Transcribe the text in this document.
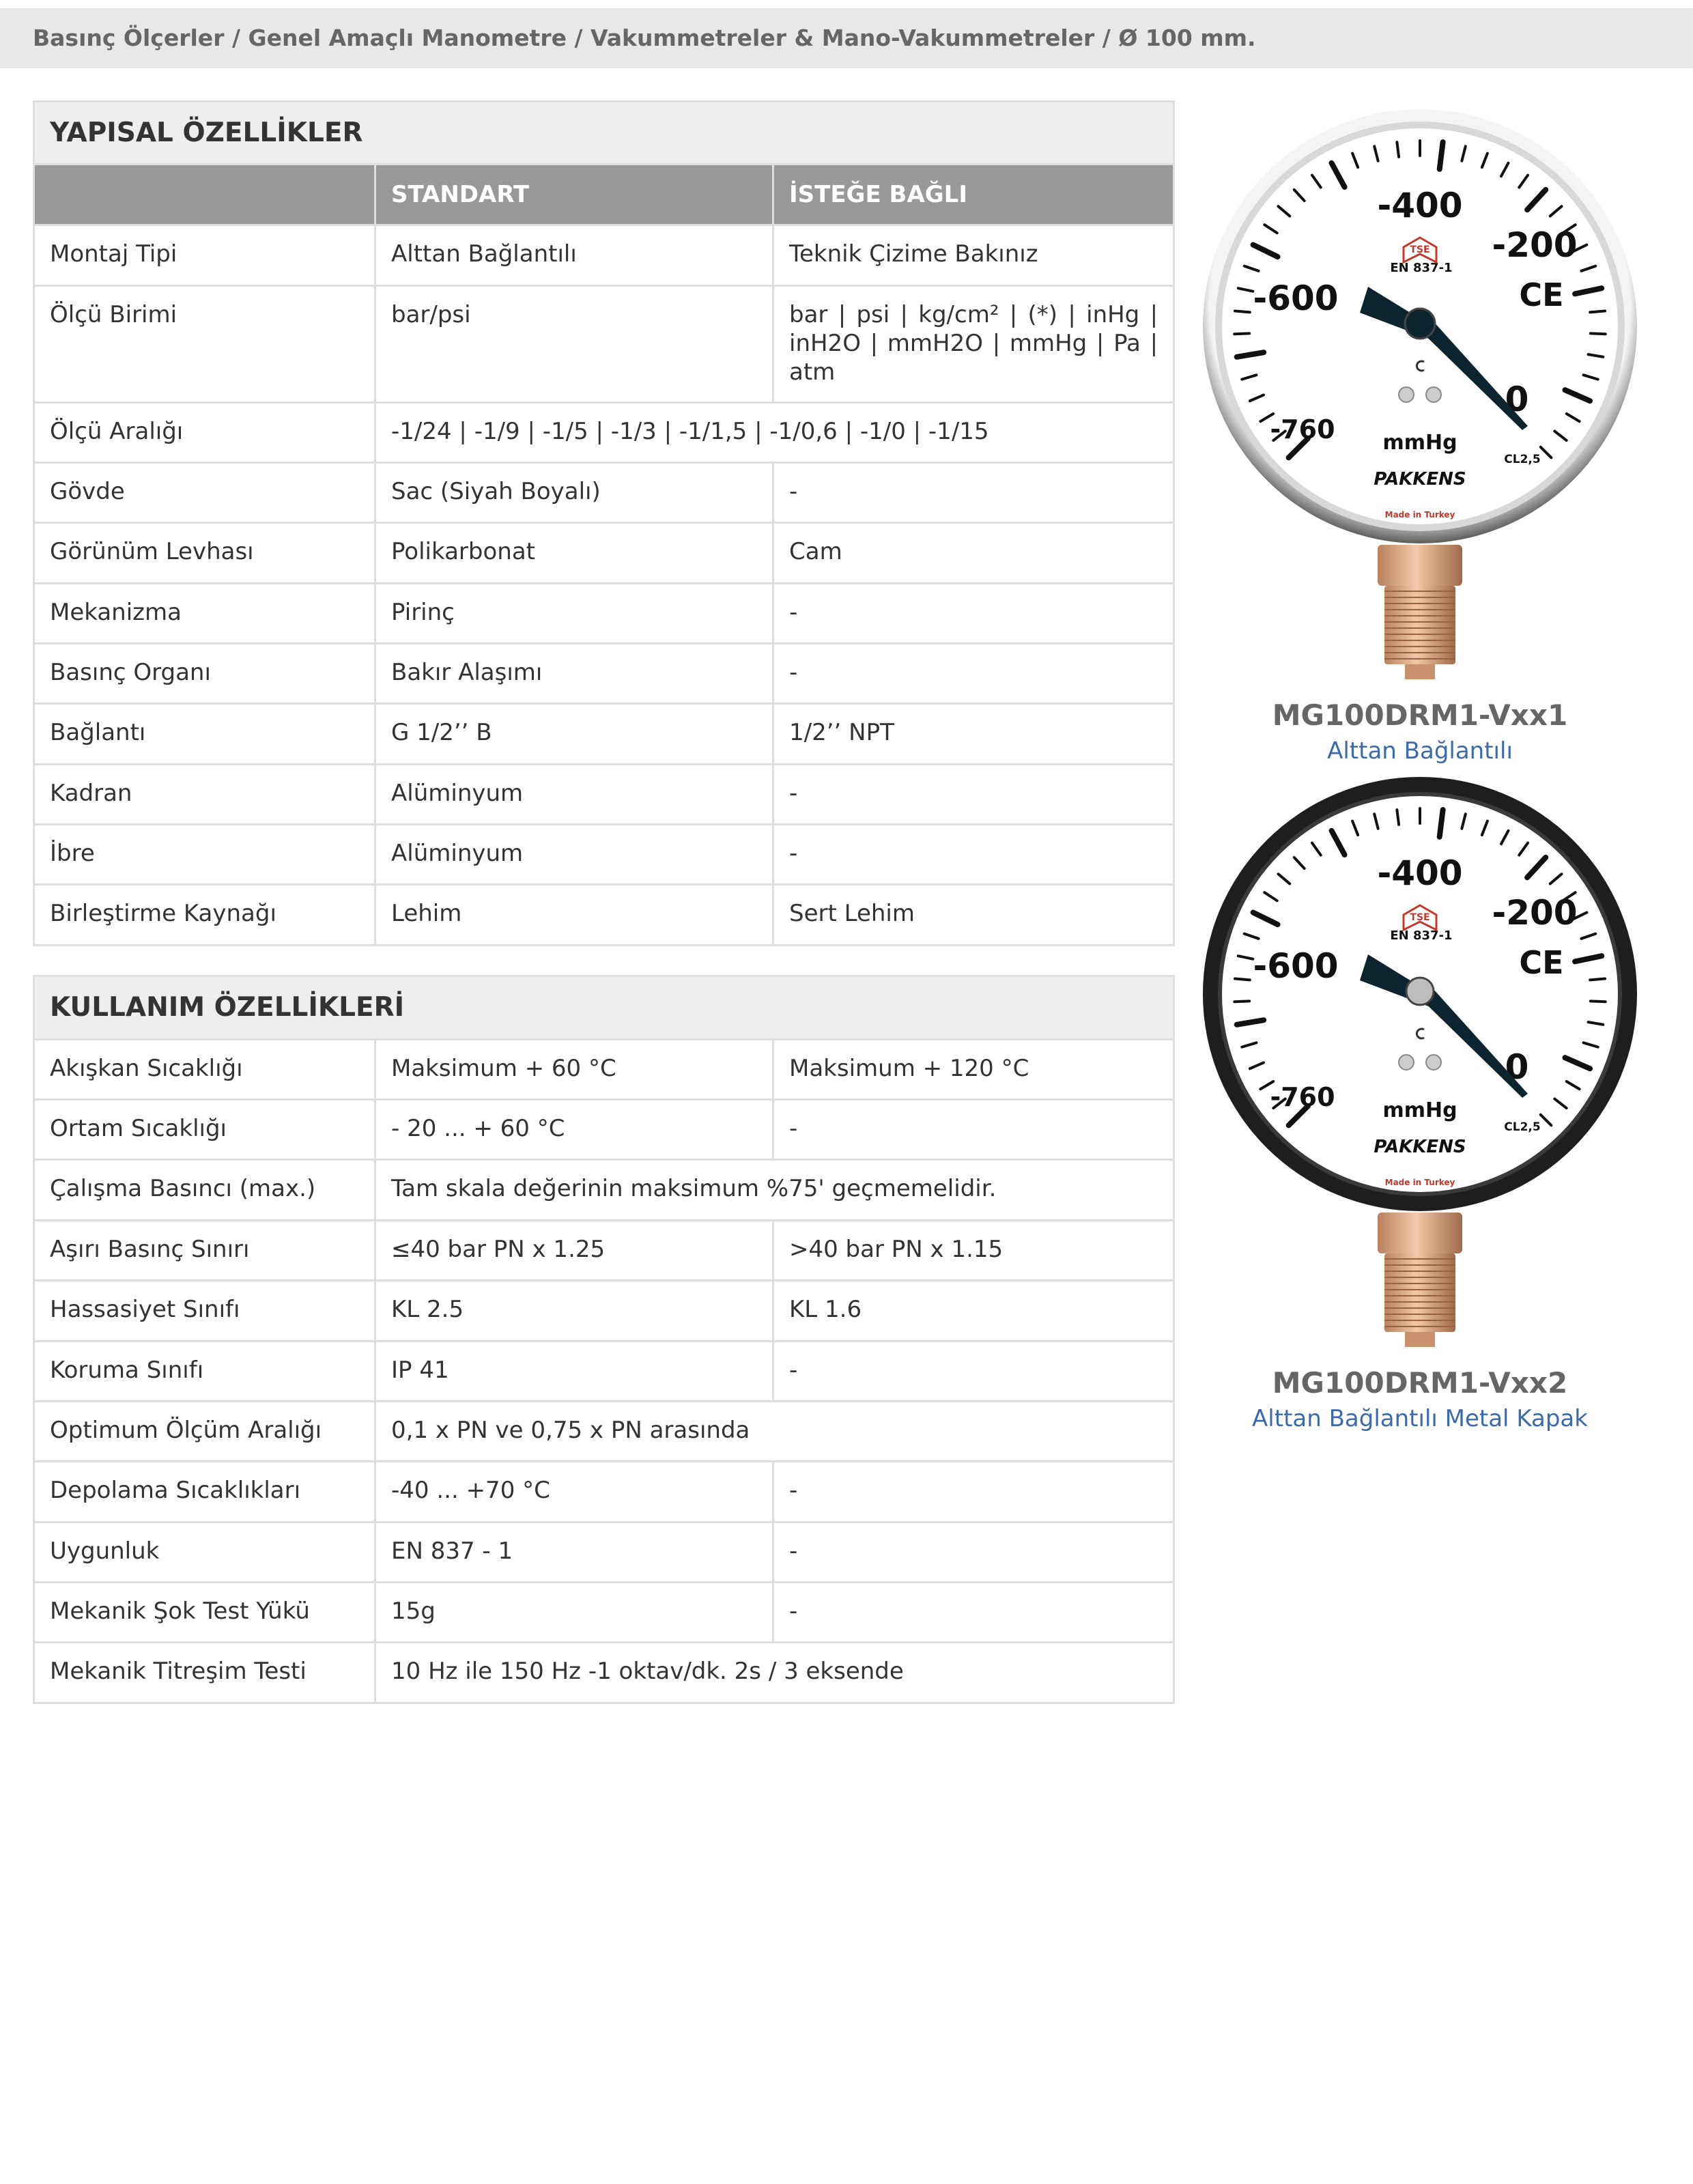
Basınç Ölçerler / Genel Amaçlı Manometre / Vakummetreler & Mano-Vakummetreler / Ø 100 mm.
YAPISAL ÖZELLİKLER		
	STANDART	İSTEĞE BAĞLI
Montaj Tipi	Alttan Bağlantılı	Teknik Çizime Bakınız
Ölçü Birimi	bar/psi	bar | psi | kg/cm² | (*) | inHg | inH2O | mmH2O | mmHg | Pa | atm
Ölçü Aralığı	-1/24 | -1/9 | -1/5 | -1/3 | -1/1,5 | -1/0,6 | -1/0 | -1/15	
Gövde	Sac (Siyah Boyalı)	-
Görünüm Levhası	Polikarbonat	Cam
Mekanizma	Pirinç	-
Basınç Organı	Bakır Alaşımı	-
Bağlantı	G 1/2’’ B	1/2’’ NPT
Kadran	Alüminyum	-
İbre	Alüminyum	-
Birleştirme Kaynağı	Lehim	Sert Lehim
KULLANIM ÖZELLİKLERİ		
Akışkan Sıcaklığı	Maksimum + 60 °C	Maksimum + 120 °C
Ortam Sıcaklığı	- 20 ... + 60 °C	-
Çalışma Basıncı (max.)	Tam skala değerinin maksimum %75' geçmemelidir.	
Aşırı Basınç Sınırı	≤40 bar PN x 1.25	>40 bar PN x 1.15
Hassasiyet Sınıfı	KL 2.5	KL 1.6
Koruma Sınıfı	IP 41	-
Optimum Ölçüm Aralığı	0,1 x PN ve 0,75 x PN arasında	
Depolama Sıcaklıkları	-40 ... +70 °C	-
Uygunluk	EN 837 - 1	-
Mekanik Şok Test Yükü	15g	-
Mekanik Titreşim Testi	10 Hz ile 150 Hz -1 oktav/dk. 2s / 3 eksende	
-400
-200
-600
0
-760 mmHg
CE
EN 837-1
CL2,5
PAKKENS
Made in Turkey
TSE
MG100DRM1-Vxx1
Alttan Bağlantılı
-400
-200
-600
0
-760 mmHg
CE
EN 837-1
CL2,5
PAKKENS
Made in Turkey
TSE
MG100DRM1-Vxx2
Alttan Bağlantılı Metal Kapak
